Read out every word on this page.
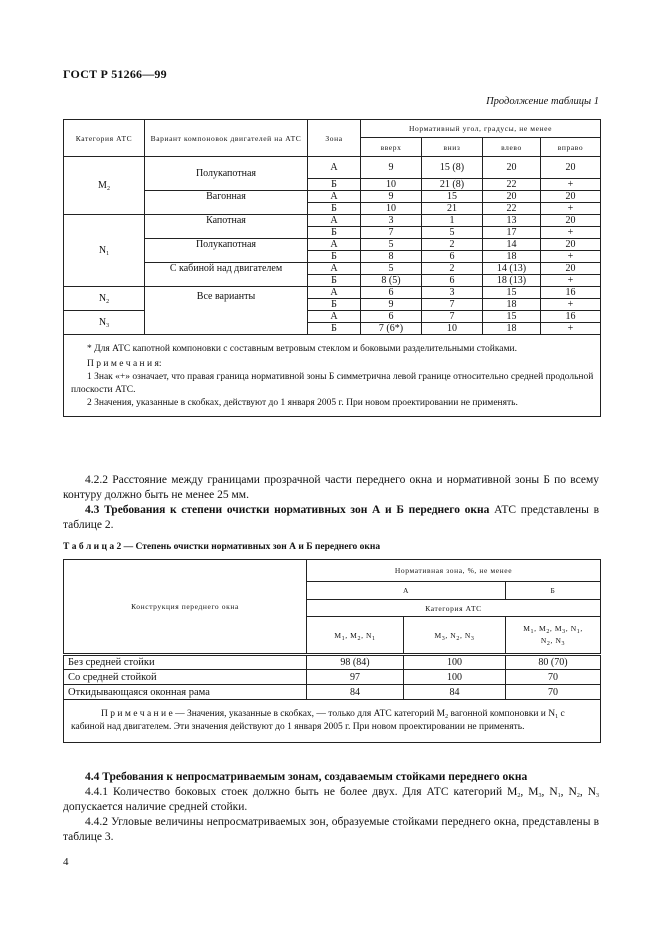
ГОСТ Р 51266—99
Продолжение таблицы 1
Категория АТС	Вариант компоновок двигателей на АТС	Зона	Нормативный угол, градусы, не менее			
			вверх	вниз	влево	вправо
$M_2$	Полукапотная	А	9	15 (8)	20	20
		Б	10	21 (8)	22	+
	Вагонная	А	9	15	20	20
		Б	10	21	22	+
$N_1$	Капотная	А	3	1	13	20
		Б	7	5	17	+
	Полукапотная	А	5	2	14	20
		Б	8	6	18	+
	С кабиной над двигателем	А	5	2	14 (13)	20
		Б	8 (5)	6	18 (13)	+
$N_2$	Все варианты	А	6	3	15	16
		Б	9	7	18	+
$N_3$		А	6	7	15	16
		Б	7 (6*)	10	18	+

* Для АТС капотной компоновки с составным ветровым стеклом и боковыми разделительными стойками.

П р и м е ч а н и я:

1 Знак «+» означает, что правая граница нормативной зоны Б симметрична левой границе относительно средней продольной плоскости АТС.

2 Значения, указанные в скобках, действуют до 1 января 2005 г. При новом проектировании не применять.						

4.2.2 Расстояние между границами прозрачной части переднего окна и нормативной зоны Б по всему контуру должно быть не менее 25 мм.

4.3 Требования к степени очистки нормативных зон А и Б переднего окна АТС представлены в таблице 2.

Т а б л и ц а 2 — Степень очистки нормативных зон А и Б переднего окна
Конструкция переднего окна	Нормативная зона, %, не менее		
	А		Б
	Категория АТС		
	$M_1$, $M_2$, $N_1$	$M_3$, $N_2$, $N_3$	$M_1$, $M_2$, $M_3$, $N_1$,
$N_2$, $N_3$
Без средней стойки	98 (84)	100	80 (70)
Со средней стойкой	97	100	70
Откидывающаяся оконная рама	84	84	70

П р и м е ч а н и е — Значения, указанные в скобках, — только для АТС категорий $M_2$ вагонной компоновки и $N_1$ с кабиной над двигателем. Эти значения действуют до 1 января 2005 г. При новом проектировании не применять.			

4.4 Требования к непросматриваемым зонам, создаваемым стойками переднего окна

4.4.1 Количество боковых стоек должно быть не более двух. Для АТС категорий $M_2$, $M_3$, $N_1$, $N_2$, $N_3$ допускается наличие средней стойки.

4.4.2 Угловые величины непросматриваемых зон, образуемые стойками переднего окна, представлены в таблице 3.

4
